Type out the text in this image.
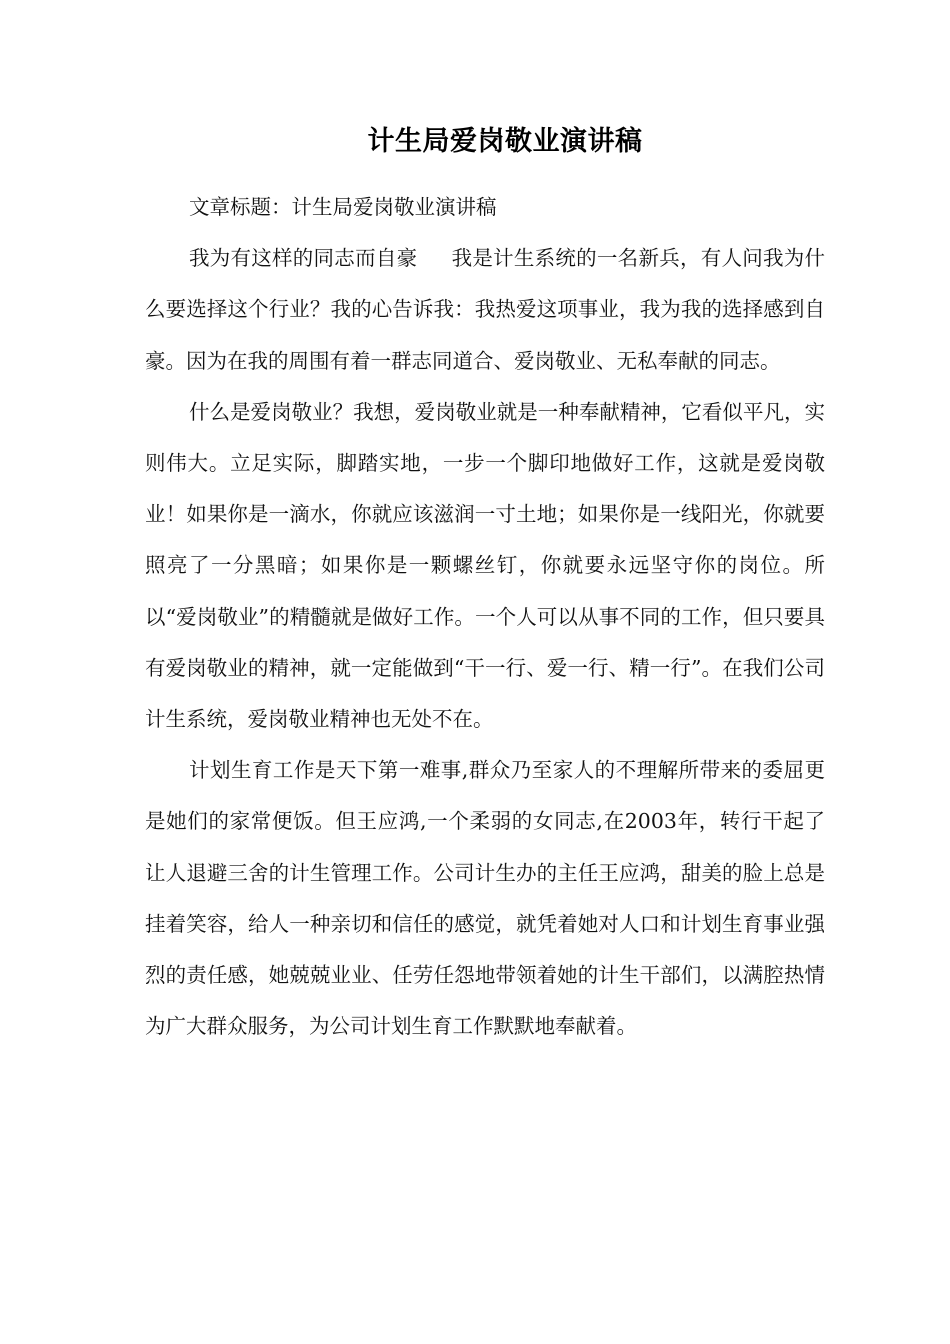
计生局爱岗敬业演讲稿

文章标题：计生局爱岗敬业演讲稿

我为有这样的同志而自豪 我是计生系统的一名新兵，有人问我为什么要选择这个行业？我的心告诉我：我热爱这项事业，我为我的选择感到自豪。因为在我的周围有着一群志同道合、爱岗敬业、无私奉献的同志。

什么是爱岗敬业？我想，爱岗敬业就是一种奉献精神，它看似平凡，实则伟大。立足实际，脚踏实地，一步一个脚印地做好工作，这就是爱岗敬业！如果你是一滴水，你就应该滋润一寸土地；如果你是一线阳光，你就要照亮了一分黑暗；如果你是一颗螺丝钉，你就要永远坚守你的岗位。所以“爱岗敬业”的精髓就是做好工作。一个人可以从事不同的工作，但只要具有爱岗敬业的精神，就一定能做到“干一行、爱一行、精一行”。在我们公司计生系统，爱岗敬业精神也无处不在。

计划生育工作是天下第一难事,群众乃至家人的不理解所带来的委屈更是她们的家常便饭。但王应鸿,一个柔弱的女同志,在2003年，转行干起了让人退避三舍的计生管理工作。公司计生办的主任王应鸿，甜美的脸上总是挂着笑容，给人一种亲切和信任的感觉，就凭着她对人口和计划生育事业强烈的责任感，她兢兢业业、任劳任怨地带领着她的计生干部们，以满腔热情为广大群众服务，为公司计划生育工作默默地奉献着。
